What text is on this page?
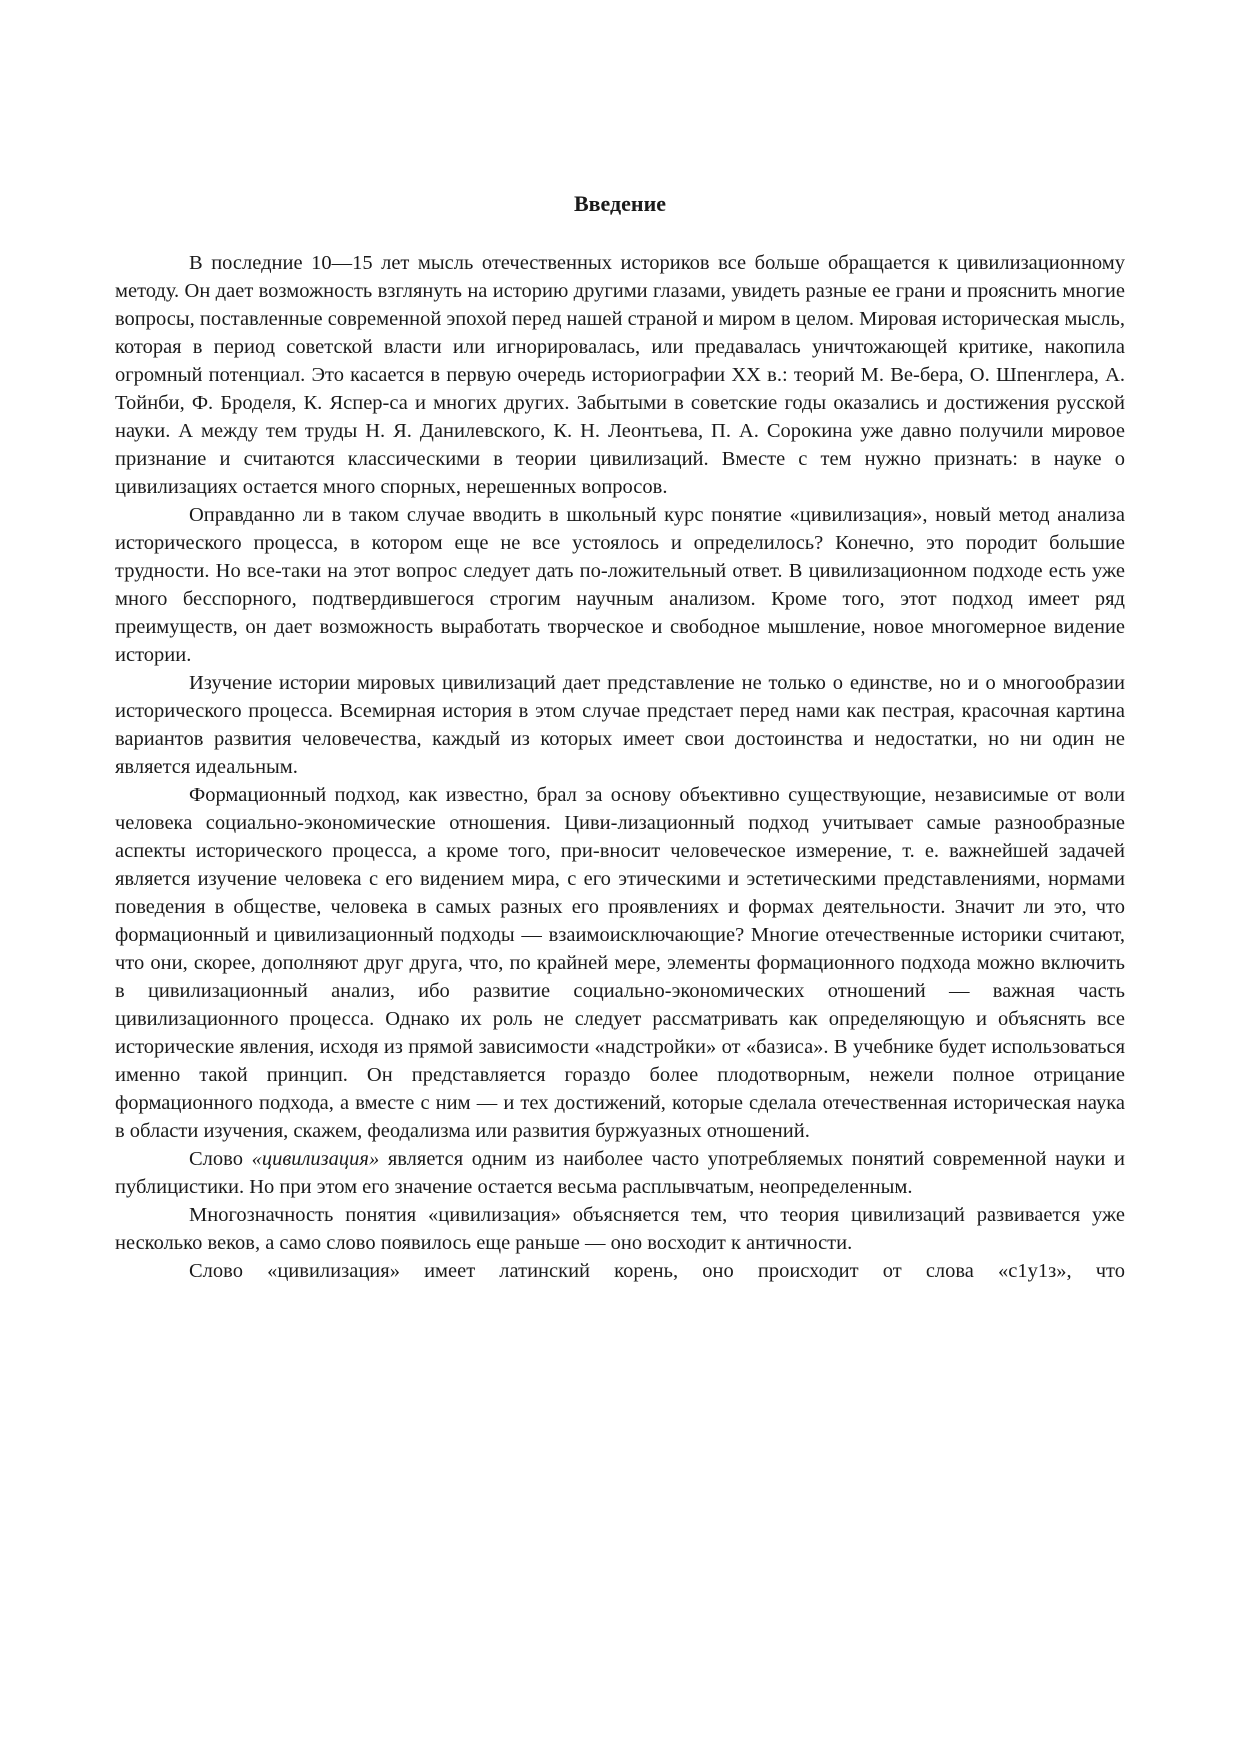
Введение

В последние 10—15 лет мысль отечественных историков все больше обращается к цивилизационному методу. Он дает возможность взглянуть на историю другими глазами, увидеть разные ее грани и прояснить многие вопросы, поставленные современной эпохой перед нашей страной и миром в целом. Мировая историческая мысль, которая в период советской власти или игнорировалась, или предавалась уничтожающей критике, накопила огромный потенциал. Это касается в первую очередь историографии XX в.: теорий М. Ве-бера, О. Шпенглера, А. Тойнби, Ф. Броделя, К. Яспер-са и многих других. Забытыми в советские годы оказались и достижения русской науки. А между тем труды Н. Я. Данилевского, К. Н. Леонтьева, П. А. Сорокина уже давно получили мировое признание и считаются классическими в теории цивилизаций. Вместе с тем нужно признать: в науке о цивилизациях остается много спорных, нерешенных вопросов.

Оправданно ли в таком случае вводить в школьный курс понятие «цивилизация», новый метод анализа исторического процесса, в котором еще не все устоялось и определилось? Конечно, это породит большие трудности. Но все-таки на этот вопрос следует дать по-ложительный ответ. В цивилизационном подходе есть уже много бесспорного, подтвердившегося строгим научным анализом. Кроме того, этот подход имеет ряд преимуществ, он дает возможность выработать творческое и свободное мышление, новое многомерное видение истории.

Изучение истории мировых цивилизаций дает представление не только о единстве, но и о многообразии исторического процесса. Всемирная история в этом случае предстает перед нами как пестрая, красочная картина вариантов развития человечества, каждый из которых имеет свои достоинства и недостатки, но ни один не является идеальным.

Формационный подход, как известно, брал за основу объективно существующие, независимые от воли человека социально-экономические отношения. Циви-лизационный подход учитывает самые разнообразные аспекты исторического процесса, а кроме того, при-вносит человеческое измерение, т. е. важнейшей задачей является изучение человека с его видением мира, с его этическими и эстетическими представлениями, нормами поведения в обществе, человека в самых разных его проявлениях и формах деятельности. Значит ли это, что формационный и цивилизационный подходы — взаимоисключающие? Многие отечественные историки считают, что они, скорее, дополняют друг друга, что, по крайней мере, элементы формационного подхода можно включить в цивилизационный анализ, ибо развитие социально-экономических отношений — важная часть цивилизационного процесса. Однако их роль не следует рассматривать как определяющую и объяснять все исторические явления, исходя из прямой зависимости «надстройки» от «базиса». В учебнике будет использоваться именно такой принцип. Он представляется гораздо более плодотворным, нежели полное отрицание формационного подхода, а вместе с ним — и тех достижений, которые сделала отечественная историческая наука в области изучения, скажем, феодализма или развития буржуазных отношений.

Слово «цивилизация» является одним из наиболее часто употребляемых понятий современной науки и публицистики. Но при этом его значение остается весьма расплывчатым, неопределенным.

Многозначность понятия «цивилизация» объясняется тем, что теория цивилизаций развивается уже несколько веков, а само слово появилось еще раньше — оно восходит к античности.

Слово «цивилизация» имеет латинский корень, оно происходит от слова «с1у1з», что
